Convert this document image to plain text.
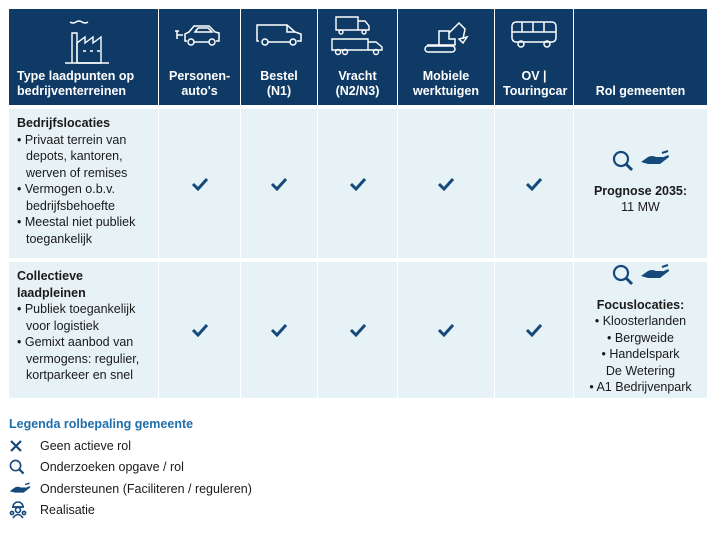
Type laadpunten op bedrijventerreinen
Personen-auto's
Bestel (N1)
Vracht (N2/N3)
Mobiele werktuigen
OV | Touringcar	Rol gemeenten
Bedrijfslocaties
• Privaat terrein van depots, kantoren, werven of remises
• Vermogen o.b.v. bedrijfsbehoefte
• Meestal niet publiek toegankelijk
Prognose 2035:
11 MW
Collectieve laadpleinen
• Publiek toegankelijk voor logistiek
• Gemixt aanbod van vermogens: regulier, kortparkeer en snel
Focuslocaties:
• Kloosterlanden
• Bergweide
• Handelspark
De Wetering
• A1 Bedrijvenpark
Legenda rolbepaling gemeente
Geen actieve rol
Onderzoeken opgave / rol
Ondersteunen (Faciliteren / reguleren)
Realisatie
